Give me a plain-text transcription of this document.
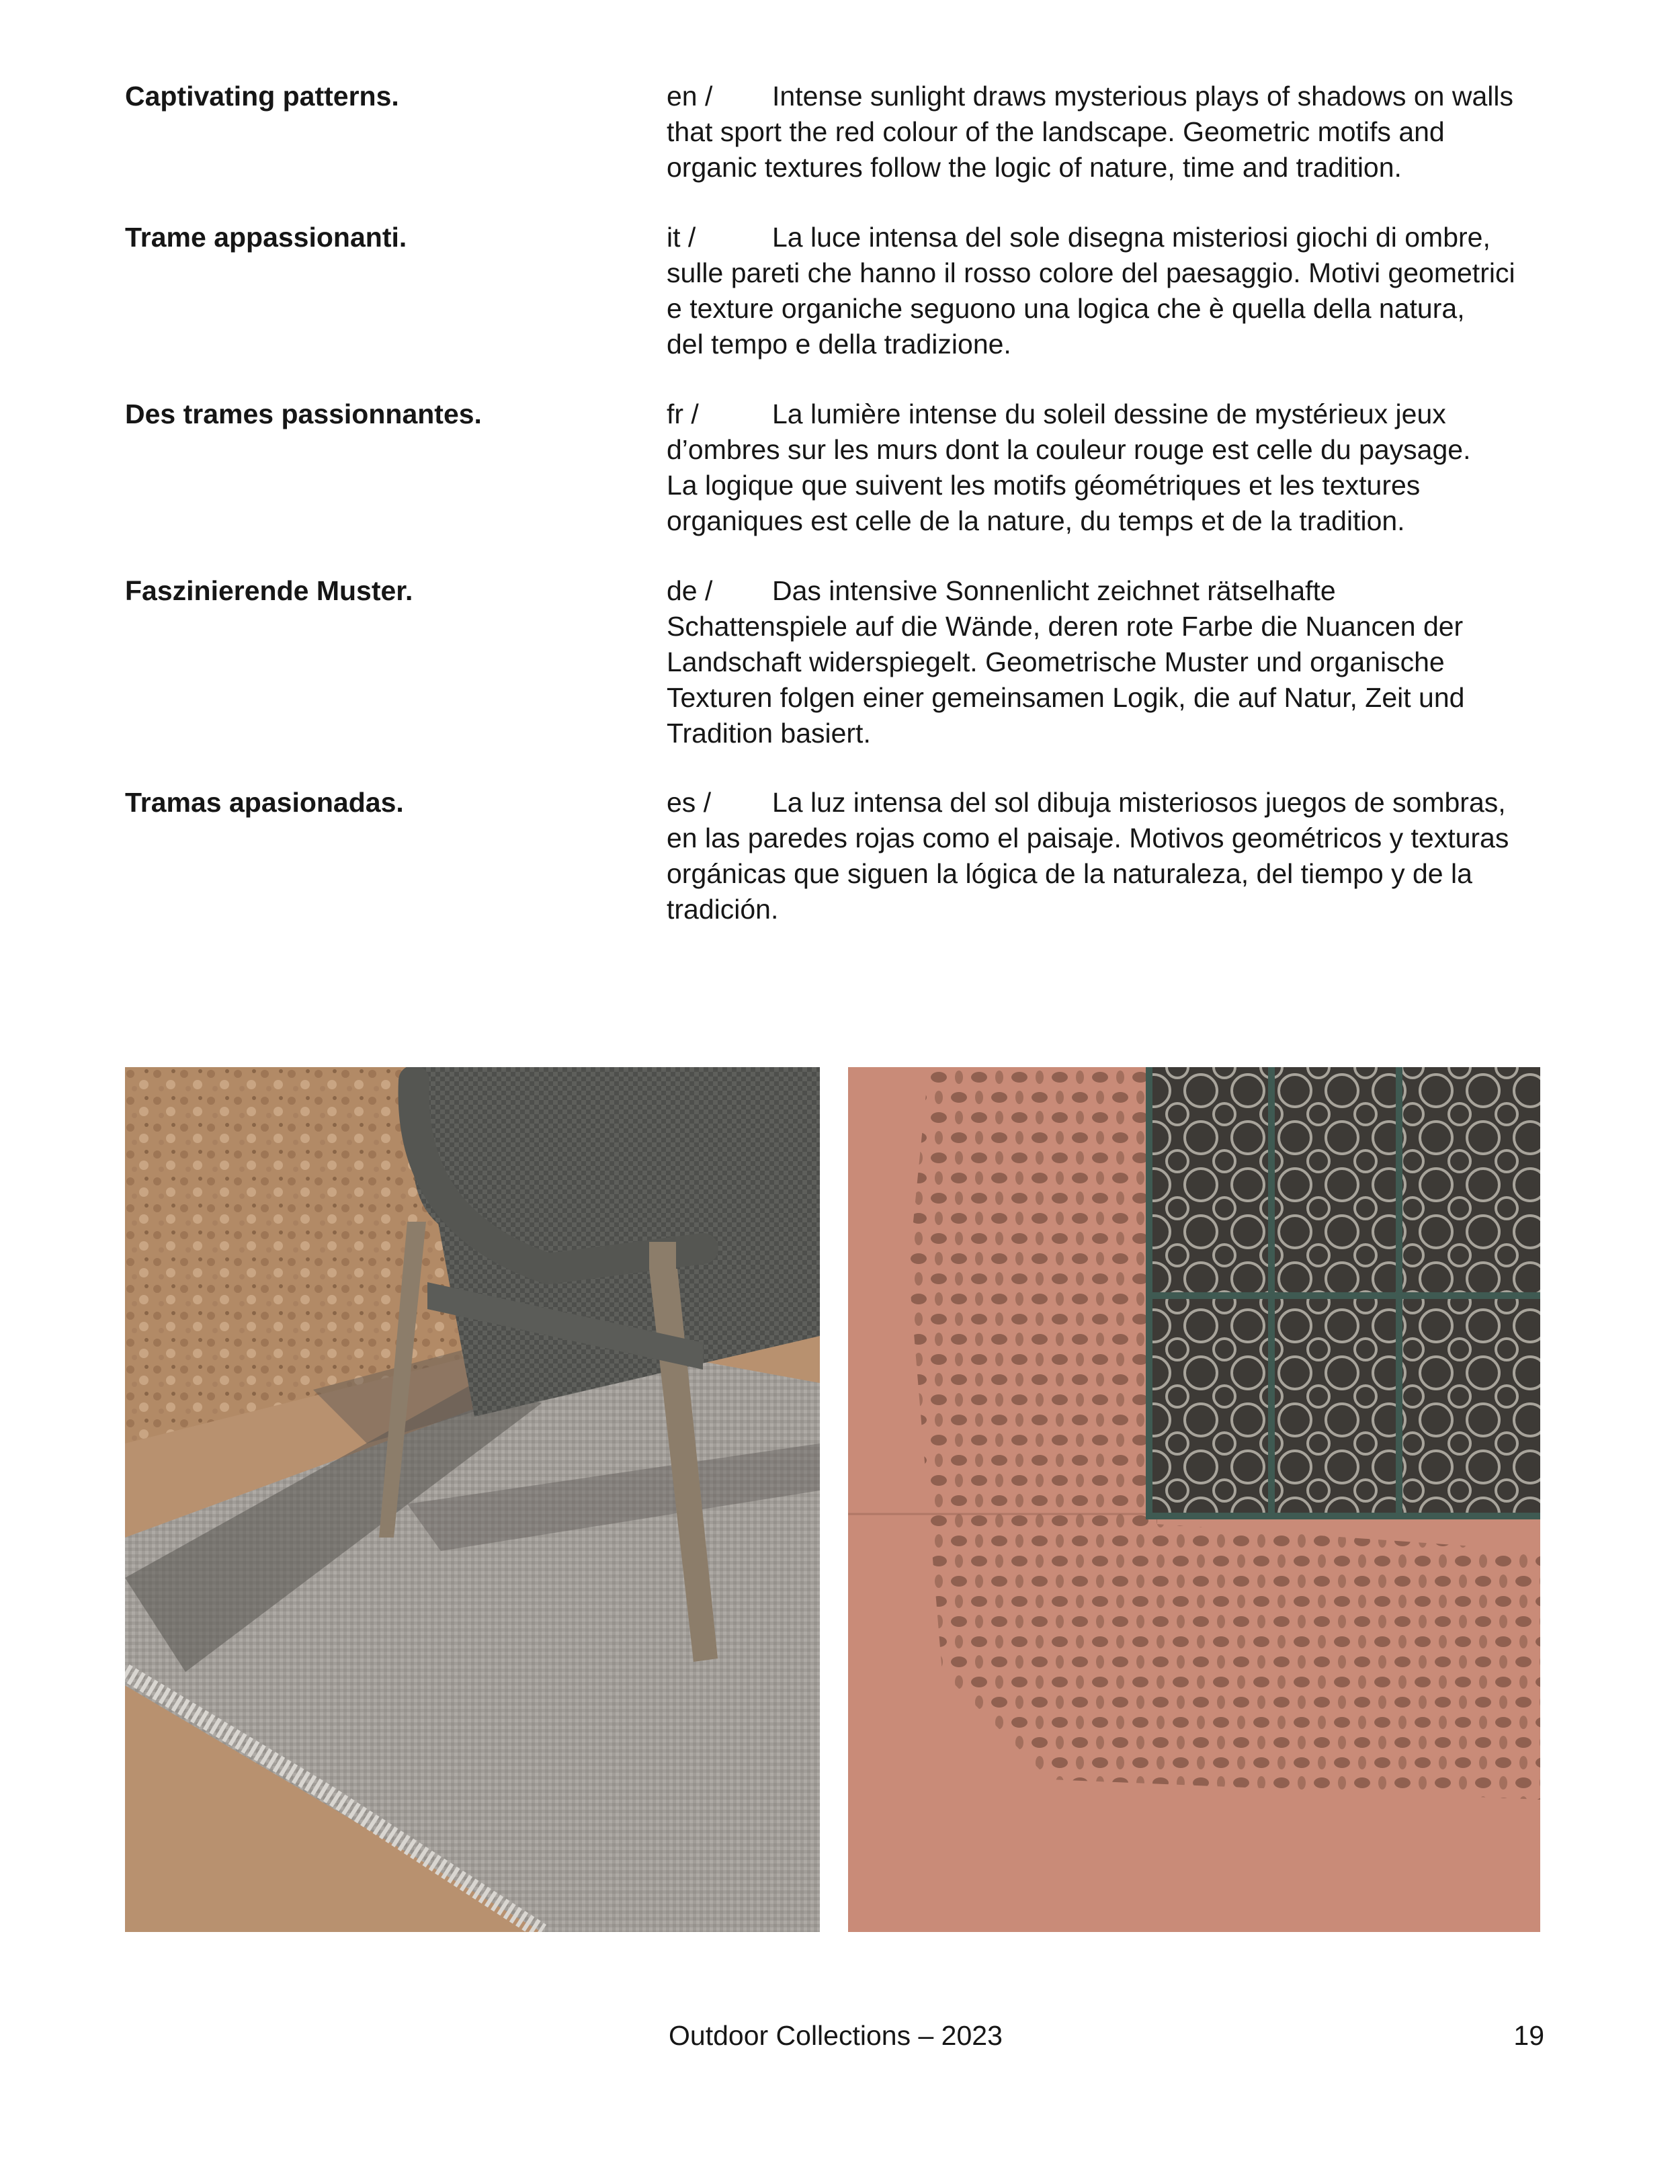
Captivating patterns.	en / Intense sunlight draws mysterious plays of shadows on walls
that sport the red colour of the landscape. Geometric motifs and
organic textures follow the logic of nature, time and tradition.
Trame appassionanti.	it /	La luce intensa del sole disegna misteriosi giochi di ombre,
sulle pareti che hanno il rosso colore del paesaggio. Motivi geometrici
e texture organiche seguono una logica che è quella della natura,
del tempo e della tradizione.
Des trames passionnantes.	fr /	La lumière intense du soleil dessine de mystérieux jeux
d’ombres sur les murs dont la couleur rouge est celle du paysage.
La logique que suivent les motifs géométriques et les textures
organiques est celle de la nature, du temps et de la tradition.
Faszinierende Muster.	de / Das intensive Sonnenlicht zeichnet rätselhafte
Schattenspiele auf die Wände, deren rote Farbe die Nuancen der
Landschaft widerspiegelt. Geometrische Muster und organische
Texturen folgen einer gemeinsamen Logik, die auf Natur, Zeit und
Tradition basiert.
Tramas apasionadas.	es / La luz intensa del sol dibuja misteriosos juegos de sombras,
en las paredes rojas como el paisaje. Motivos geométricos y texturas
orgánicas que siguen la lógica de la naturaleza, del tiempo y de la
tradición.
Outdoor Collections – 2023	19
